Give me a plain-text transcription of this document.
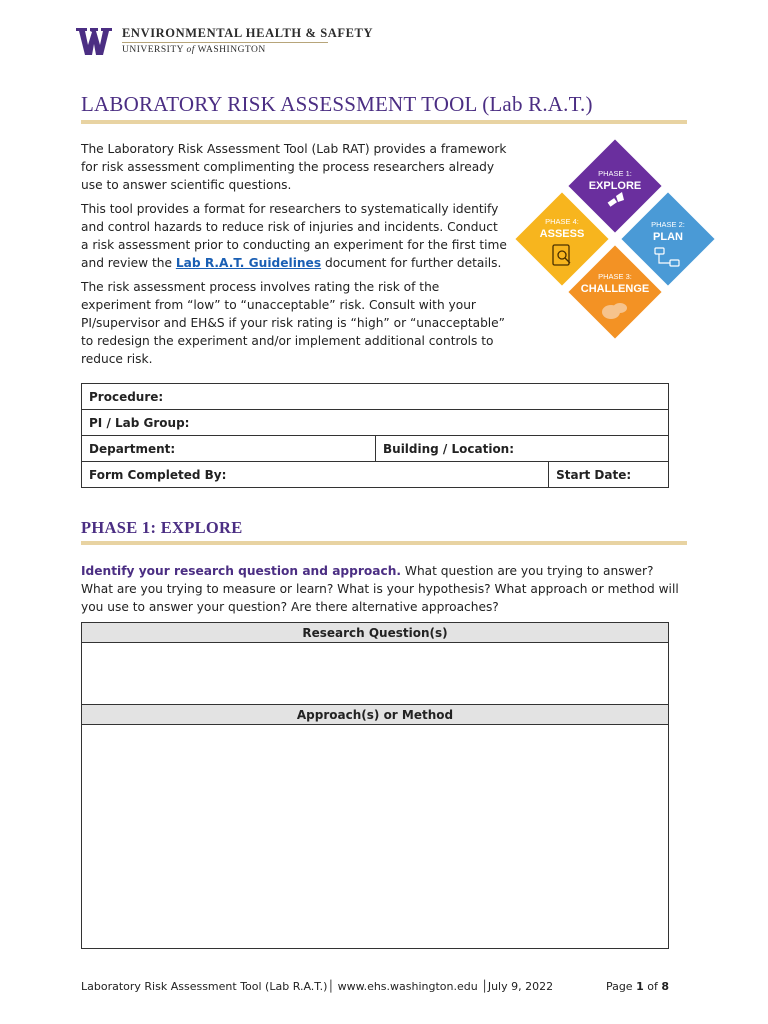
ENVIRONMENTAL HEALTH & SAFETY
UNIVERSITY of WASHINGTON
LABORATORY RISK ASSESSMENT TOOL (Lab R.A.T.)

The Laboratory Risk Assessment Tool (Lab RAT) provides a framework for risk assessment complimenting the process researchers already use to answer scientific questions.

This tool provides a format for researchers to systematically identify and control hazards to reduce risk of injuries and incidents. Conduct a risk assessment prior to conducting an experiment for the first time and review the Lab R.A.T. Guidelines document for further details.

The risk assessment process involves rating the risk of the experiment from “low” to “unacceptable” risk. Consult with your PI/supervisor and EH&S if your risk rating is “high” or “unacceptable” to redesign the experiment and/or implement additional controls to reduce risk.

PHASE 1:
EXPLORE
PHASE 2:
PLAN
PHASE 3:
CHALLENGE
PHASE 4:
ASSESS
Procedure:		
PI / Lab Group:		
Department:	Building / Location:	
Form Completed By:		Start Date:
PHASE 1: EXPLORE
Identify your research question and approach. What question are you trying to answer? What are you trying to measure or learn? What is your hypothesis? What approach or method will you use to answer your question? Are there alternative approaches?
Research Question(s)

Approach(s) or Method

Laboratory Risk Assessment Tool (Lab R.A.T.)│ www.ehs.washington.edu │July 9, 2022	Page 1 of 8
